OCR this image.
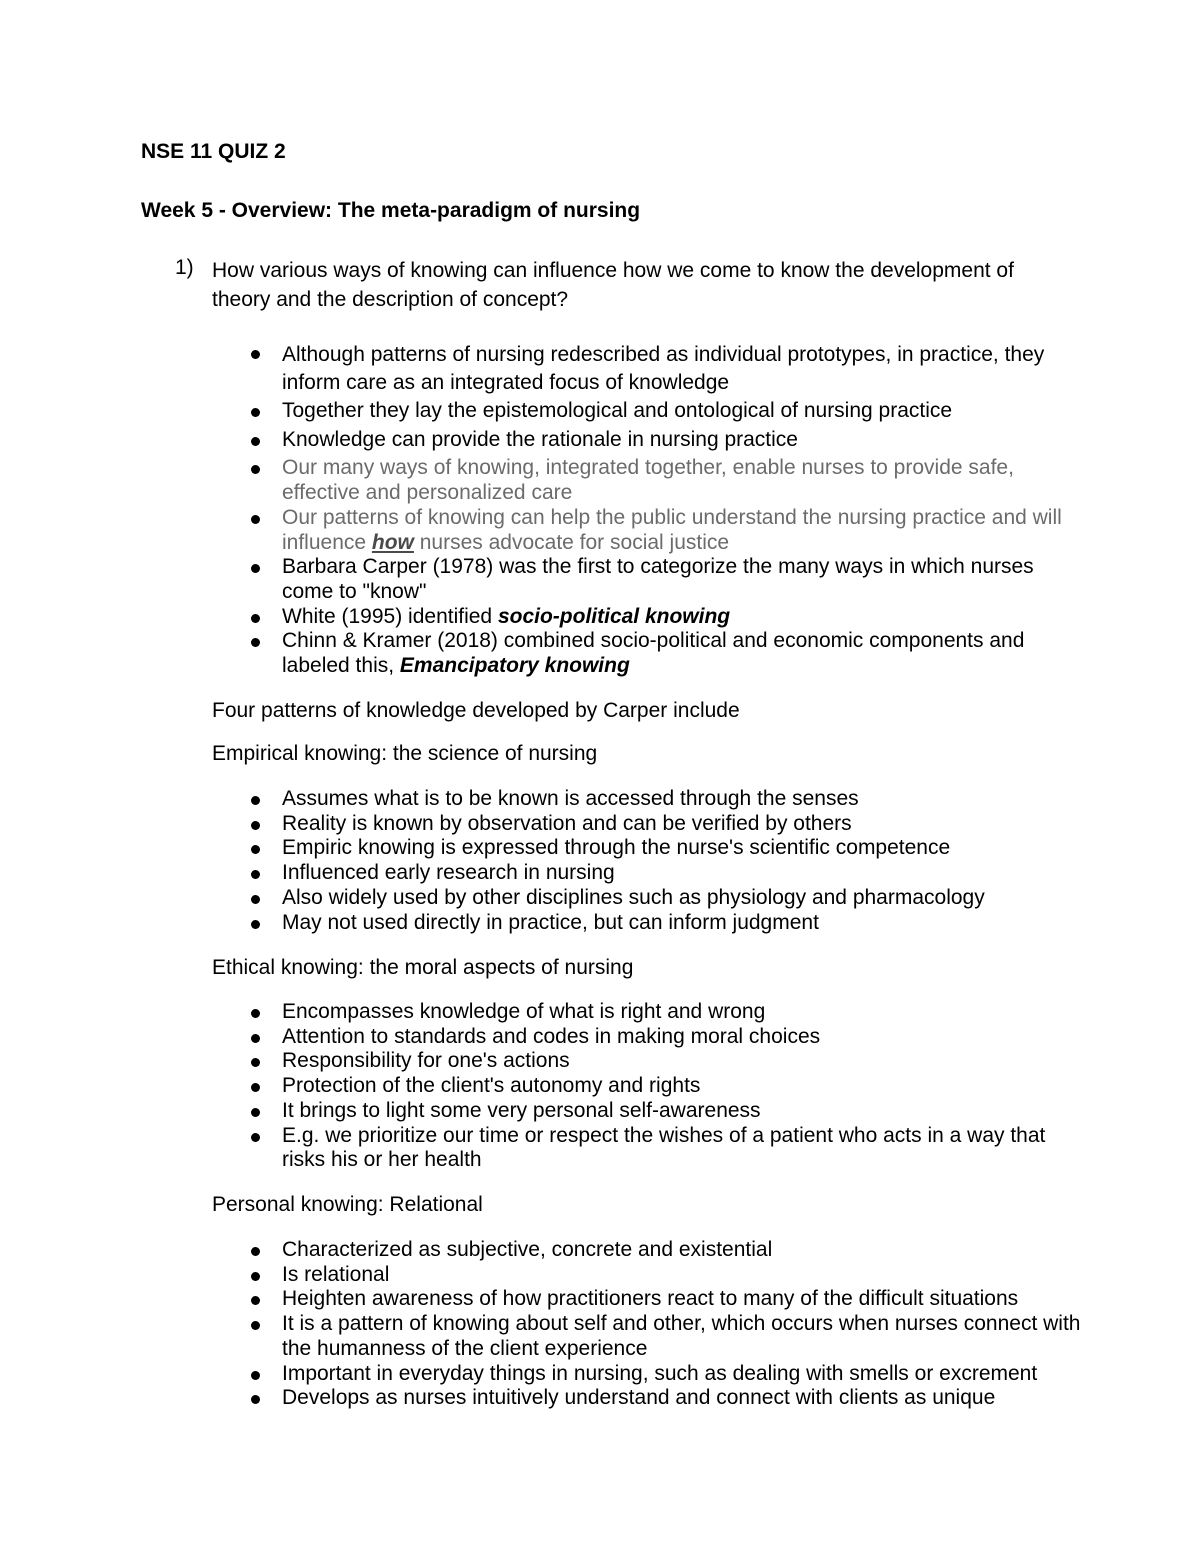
NSE 11 QUIZ 2
Week 5 - Overview: The meta-paradigm of nursing
1) How various ways of knowing can influence how we come to know the development of theory and the description of concept?
Although patterns of nursing redescribed as individual prototypes, in practice, they inform care as an integrated focus of knowledge
Together they lay the epistemological and ontological of nursing practice
Knowledge can provide the rationale in nursing practice
Our many ways of knowing, integrated together, enable nurses to provide safe, effective and personalized care
Our patterns of knowing can help the public understand the nursing practice and will influence how nurses advocate for social justice
Barbara Carper (1978) was the first to categorize the many ways in which nurses come to "know"
White (1995) identified socio-political knowing
Chinn & Kramer (2018) combined socio-political and economic components and labeled this, Emancipatory knowing
Four patterns of knowledge developed by Carper include
Empirical knowing: the science of nursing
Assumes what is to be known is accessed through the senses
Reality is known by observation and can be verified by others
Empiric knowing is expressed through the nurse's scientific competence
Influenced early research in nursing
Also widely used by other disciplines such as physiology and pharmacology
May not used directly in practice, but can inform judgment
Ethical knowing: the moral aspects of nursing
Encompasses knowledge of what is right and wrong
Attention to standards and codes in making moral choices
Responsibility for one's actions
Protection of the client's autonomy and rights
It brings to light some very personal self-awareness
E.g. we prioritize our time or respect the wishes of a patient who acts in a way that risks his or her health
Personal knowing: Relational
Characterized as subjective, concrete and existential
Is relational
Heighten awareness of how practitioners react to many of the difficult situations
It is a pattern of knowing about self and other, which occurs when nurses connect with the humanness of the client experience
Important in everyday things in nursing, such as dealing with smells or excrement
Develops as nurses intuitively understand and connect with clients as unique
